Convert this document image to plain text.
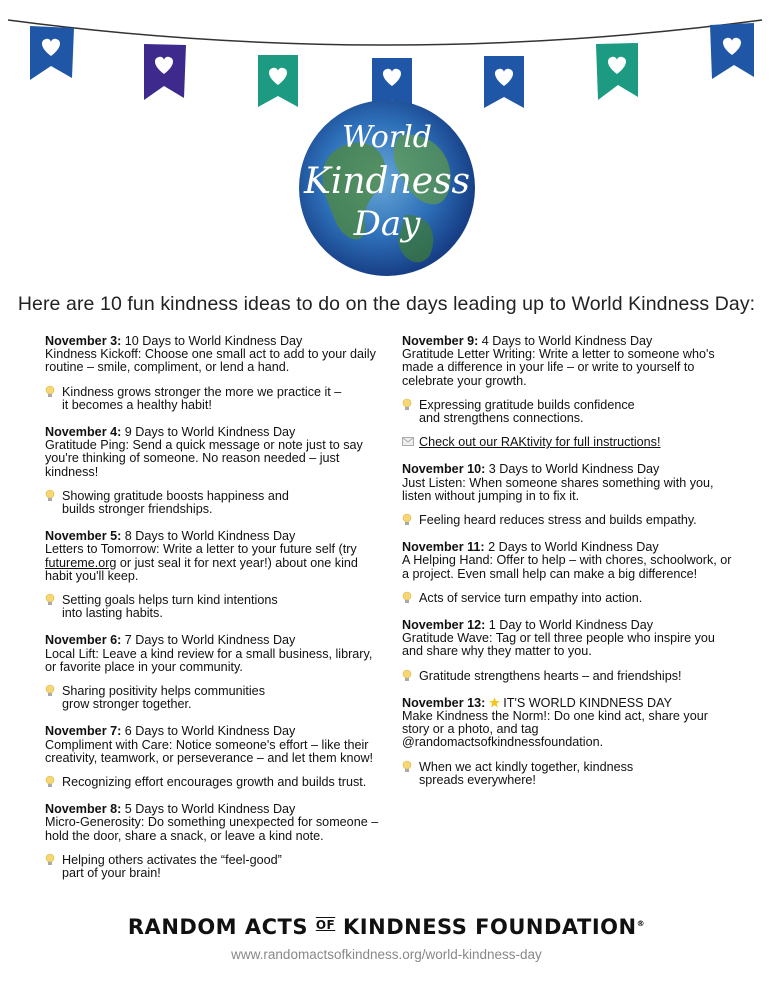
World
Kindness
Day
Here are 10 fun kindness ideas to do on the days leading up to World Kindness Day:

November 3: 10 Days to World Kindness Day

Kindness Kickoff: Choose one small act to add to your daily routine – smile, compliment, or lend a hand.

Kindness grows stronger the more we practice it –
it becomes a healthy habit!

November 4: 9 Days to World Kindness Day

Gratitude Ping: Send a quick message or note just to say you're thinking of someone. No reason needed – just kindness!

Showing gratitude boosts happiness and
builds stronger friendships.

November 5: 8 Days to World Kindness Day

Letters to Tomorrow: Write a letter to your future self (try futureme.org or just seal it for next year!) about one kind habit you'll keep.

Setting goals helps turn kind intentions
into lasting habits.

November 6: 7 Days to World Kindness Day

Local Lift: Leave a kind review for a small business, library, or favorite place in your community.

Sharing positivity helps communities
grow stronger together.

November 7: 6 Days to World Kindness Day

Compliment with Care: Notice someone's effort – like their creativity, teamwork, or perseverance – and let them know!

Recognizing effort encourages growth and builds trust.

November 8: 5 Days to World Kindness Day

Micro-Generosity: Do something unexpected for someone – hold the door, share a snack, or leave a kind note.

Helping others activates the “feel-good”
part of your brain!

November 9: 4 Days to World Kindness Day

Gratitude Letter Writing: Write a letter to someone who's made a difference in your life – or write to yourself to celebrate your growth.

Expressing gratitude builds confidence
and strengthens connections.
Check out our RAKtivity for full instructions!

November 10: 3 Days to World Kindness Day

Just Listen: When someone shares something with you, listen without jumping in to fix it.

Feeling heard reduces stress and builds empathy.

November 11: 2 Days to World Kindness Day

A Helping Hand: Offer to help – with chores, schoolwork, or a project. Even small help can make a big difference!

Acts of service turn empathy into action.

November 12: 1 Day to World Kindness Day

Gratitude Wave: Tag or tell three people who inspire you and share why they matter to you.

Gratitude strengthens hearts – and friendships!

November 13: IT'S WORLD KINDNESS DAY

Make Kindness the Norm!: Do one kind act, share your story or a photo, and tag @randomactsofkindnessfoundation.

When we act kindly together, kindness
spreads everywhere!
RANDOM ACTS $^{OF}$ KINDNESS FOUNDATION®
www.randomactsofkindness.org/world-kindness-day
